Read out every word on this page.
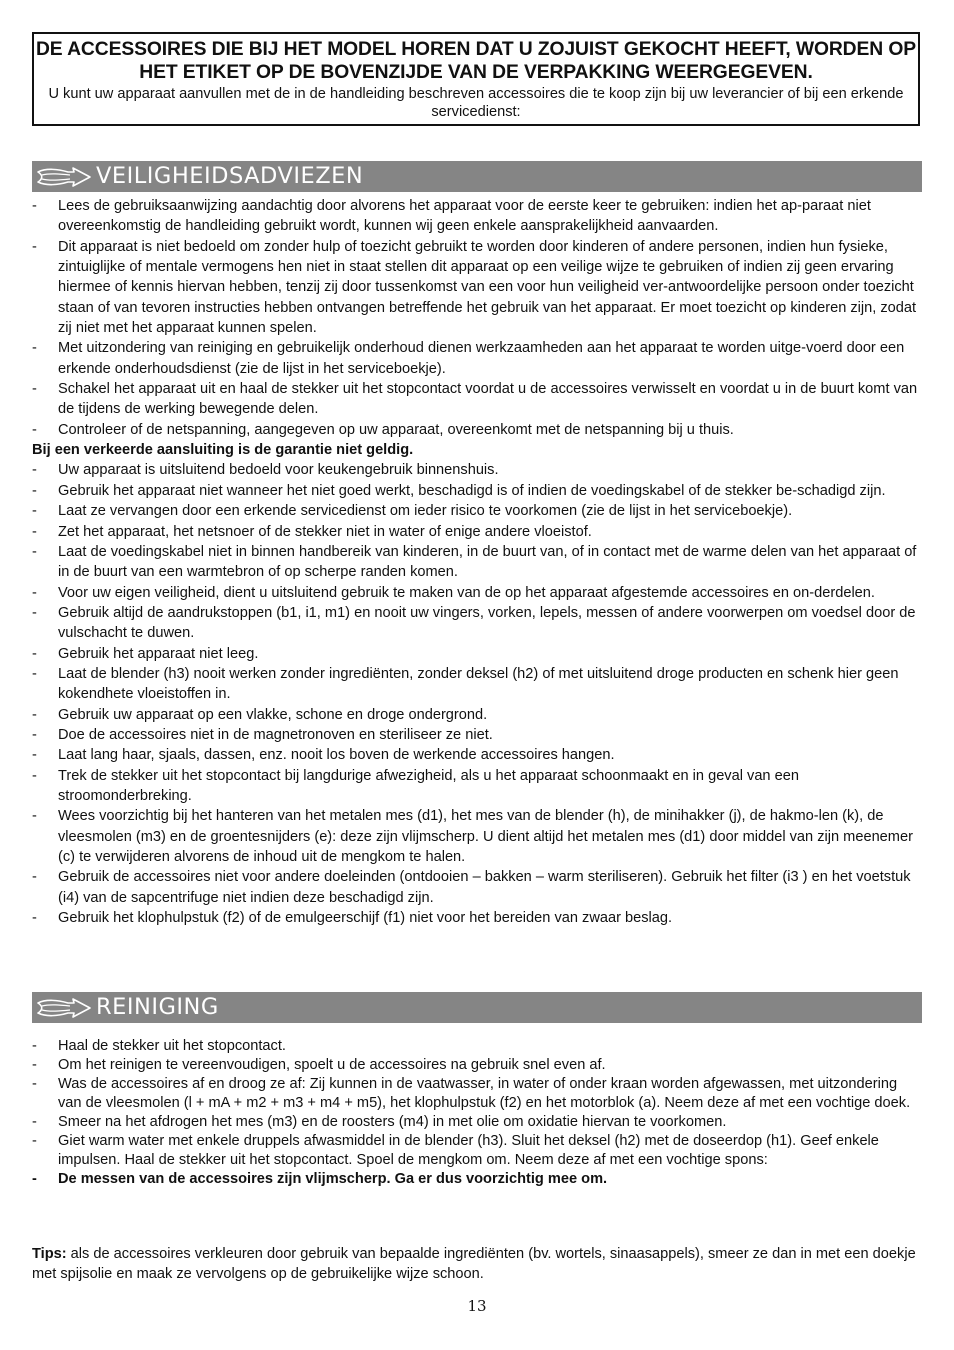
DE ACCESSOIRES DIE BIJ HET MODEL HOREN DAT U ZOJUIST GEKOCHT HEEFT, WORDEN OP HET ETIKET OP DE BOVENZIJDE VAN DE VERPAKKING WEERGEGEVEN.
U kunt uw apparaat aanvullen met de in de handleiding beschreven accessoires die te koop zijn bij uw leverancier of bij een erkende servicedienst:
VEILIGHEIDSADVIEZEN
- Lees de gebruiksaanwijzing aandachtig door alvorens het apparaat voor de eerste keer te gebruiken: indien het ap-paraat niet overeenkomstig de handleiding gebruikt wordt, kunnen wij geen enkele aansprakelijkheid aanvaarden.
- Dit apparaat is niet bedoeld om zonder hulp of toezicht gebruikt te worden door kinderen of andere personen, indien hun fysieke, zintuiglijke of mentale vermogens hen niet in staat stellen dit apparaat op een veilige wijze te gebruiken of indien zij geen ervaring hiermee of kennis hiervan hebben, tenzij zij door tussenkomst van een voor hun veiligheid ver-antwoordelijke persoon onder toezicht staan of van tevoren instructies hebben ontvangen betreffende het gebruik van het apparaat. Er moet toezicht op kinderen zijn, zodat zij niet met het apparaat kunnen spelen.
- Met uitzondering van reiniging en gebruikelijk onderhoud dienen werkzaamheden aan het apparaat te worden uitge-voerd door een erkende onderhoudsdienst (zie de lijst in het serviceboekje).
- Schakel het apparaat uit en haal de stekker uit het stopcontact voordat u de accessoires verwisselt en voordat u in de buurt komt van de tijdens de werking bewegende delen.
- Controleer of de netspanning, aangegeven op uw apparaat, overeenkomt met de netspanning bij u thuis.
Bij een verkeerde aansluiting is de garantie niet geldig.
- Uw apparaat is uitsluitend bedoeld voor keukengebruik binnenshuis.
- Gebruik het apparaat niet wanneer het niet goed werkt, beschadigd is of indien de voedingskabel of de stekker be-schadigd zijn.
- Laat ze vervangen door een erkende servicedienst om ieder risico te voorkomen (zie de lijst in het serviceboekje).
- Zet het apparaat, het netsnoer of de stekker niet in water of enige andere vloeistof.
- Laat de voedingskabel niet in binnen handbereik van kinderen, in de buurt van, of in contact met de warme delen van het apparaat of in de buurt van een warmtebron of op scherpe randen komen.
- Voor uw eigen veiligheid, dient u uitsluitend gebruik te maken van de op het apparaat afgestemde accessoires en on-derdelen.
- Gebruik altijd de aandrukstoppen (b1, i1, m1) en nooit uw vingers, vorken, lepels, messen of andere voorwerpen om voedsel door de vulschacht te duwen.
- Gebruik het apparaat niet leeg.
- Laat de blender (h3) nooit werken zonder ingrediënten, zonder deksel (h2) of met uitsluitend droge producten en schenk hier geen kokendhete vloeistoffen in.
- Gebruik uw apparaat op een vlakke, schone en droge ondergrond.
- Doe de accessoires niet in de magnetronoven en steriliseer ze niet.
- Laat lang haar, sjaals, dassen, enz. nooit los boven de werkende accessoires hangen.
- Trek de stekker uit het stopcontact bij langdurige afwezigheid, als u het apparaat schoonmaakt en in geval van een stroomonderbreking.
- Wees voorzichtig bij het hanteren van het metalen mes (d1), het mes van de blender (h), de minihakker (j), de hakmo-len (k), de vleesmolen (m3) en de groentesnijders (e): deze zijn vlijmscherp. U dient altijd het metalen mes (d1) door middel van zijn meenemer (c) te verwijderen alvorens de inhoud uit de mengkom te halen.
- Gebruik de accessoires niet voor andere doeleinden (ontdooien – bakken – warm steriliseren). Gebruik het filter (i3 ) en het voetstuk (i4) van de sapcentrifuge niet indien deze beschadigd zijn.
- Gebruik het klophulpstuk (f2) of de emulgeerschijf (f1) niet voor het bereiden van zwaar beslag.
REINIGING
- Haal de stekker uit het stopcontact.
- Om het reinigen te vereenvoudigen, spoelt u de accessoires na gebruik snel even af.
- Was de accessoires af en droog ze af: Zij kunnen in de vaatwasser, in water of onder kraan worden afgewassen, met uitzondering van de vleesmolen (l + mA + m2 + m3 + m4 + m5), het klophulpstuk (f2) en het motorblok (a). Neem deze af met een vochtige doek.
- Smeer na het afdrogen het mes (m3) en de roosters (m4) in met olie om oxidatie hiervan te voorkomen.
- Giet warm water met enkele druppels afwasmiddel in de blender (h3). Sluit het deksel (h2) met de doseerdop (h1). Geef enkele impulsen. Haal de stekker uit het stopcontact. Spoel de mengkom om. Neem deze af met een vochtige spons:
- De messen van de accessoires zijn vlijmscherp. Ga er dus voorzichtig mee om.
Tips: als de accessoires verkleuren door gebruik van bepaalde ingrediënten (bv. wortels, sinaasappels), smeer ze dan in met een doekje met spijsolie en maak ze vervolgens op de gebruikelijke wijze schoon.
13
